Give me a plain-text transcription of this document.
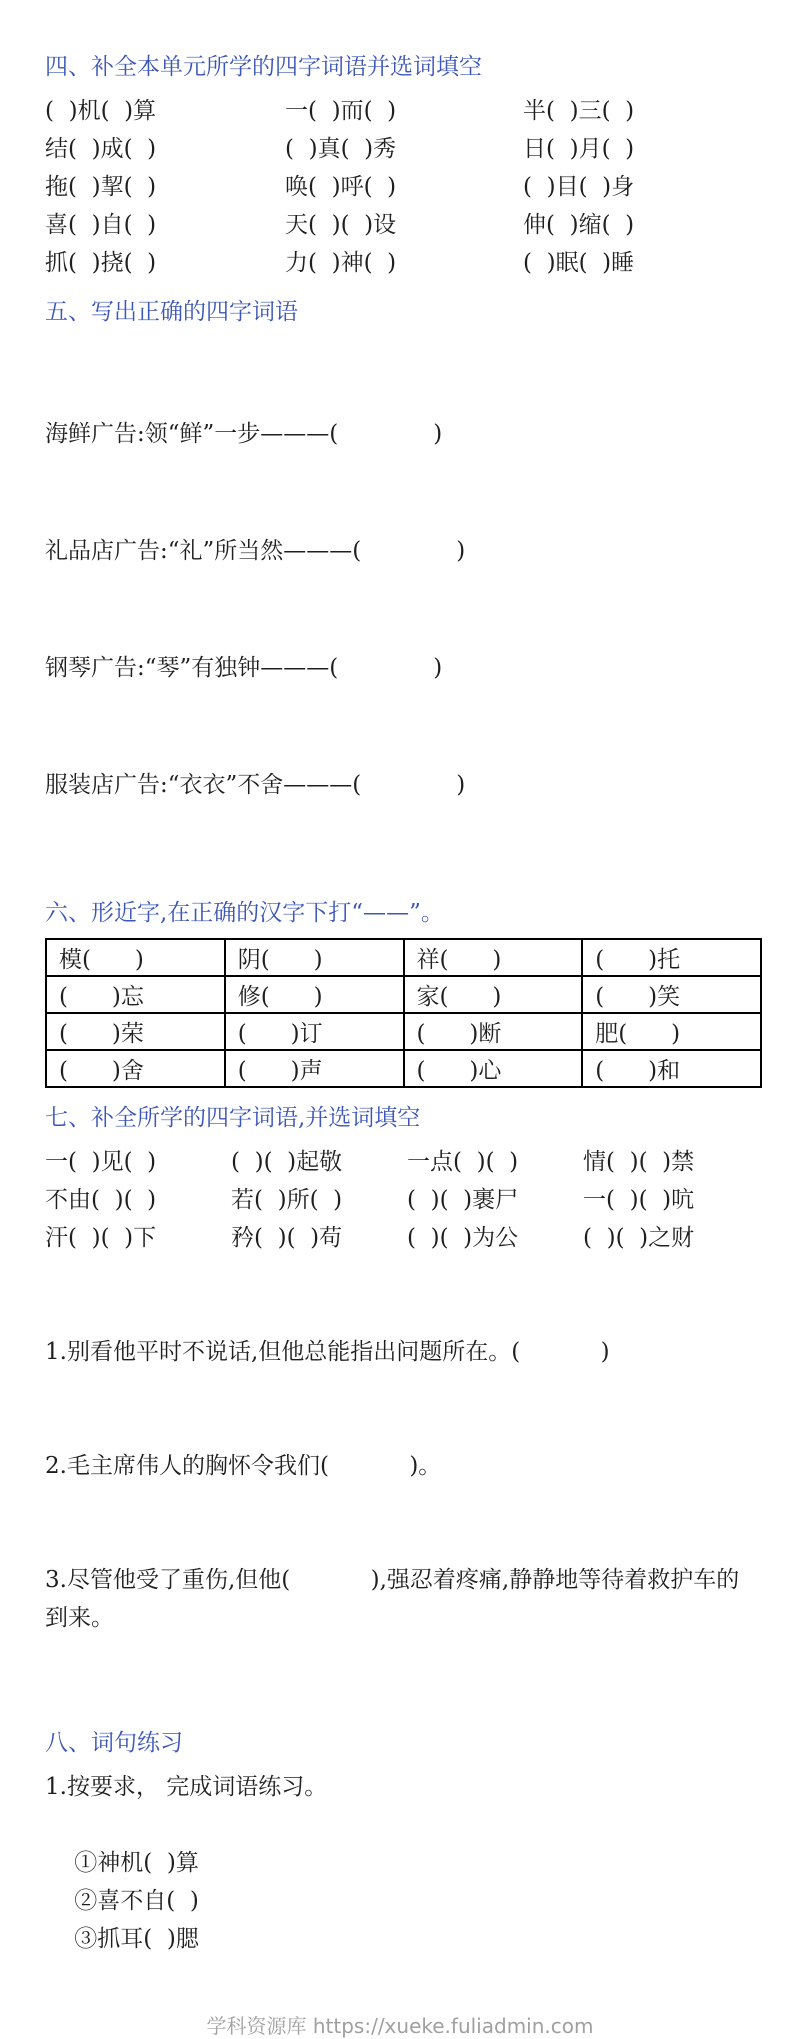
四、补全本单元所学的四字词语并选词填空
(  )机(  )算	一(  )而(  )	半(  )三(  )
结(  )成(  )	(  )真(  )秀	日(  )月(  )
拖(  )挈(  )	唤(  )呼(  )	(  )目(  )身
喜(  )自(  )	天(  )(  )设	伸(  )缩(  )
抓(  )挠(  )	力(  )神(  )	(  )眠(  )睡
五、写出正确的四字词语

海鲜广告:领“鲜”一步———(             )

礼品店广告:“礼”所当然———(             )

钢琴广告:“琴”有独钟———(             )

服装店广告:“衣衣”不舍———(             )

六、形近字,在正确的汉字下打“——”。
模(      )	阴(      )	祥(      )	(      )托
(      )忘	修(      )	家(      )	(      )笑
(      )荣	(      )订	(      )断	肥(      )
(      )舍	(      )声	(      )心	(      )和
七、补全所学的四字词语,并选词填空
一(  )见(  )	(  )(  )起敬	一点(  )(  )	情(  )(  )禁
不由(  )(  )	若(  )所(  )	(  )(  )裹尸	一(  )(  )吭
汗(  )(  )下	矜(  )(  )苟	(  )(  )为公	(  )(  )之财

1.别看他平时不说话,但他总能指出问题所在。(           )

2.毛主席伟人的胸怀令我们(           )。

3.尽管他受了重伤,但他(           ),强忍着疼痛,静静地等待着救护车的到来。

八、词句练习
1.按要求， 完成词语练习。

①神机(  )算
②喜不自(  )
③抓耳(  )腮

学科资源库 https://xueke.fuliadmin.com
